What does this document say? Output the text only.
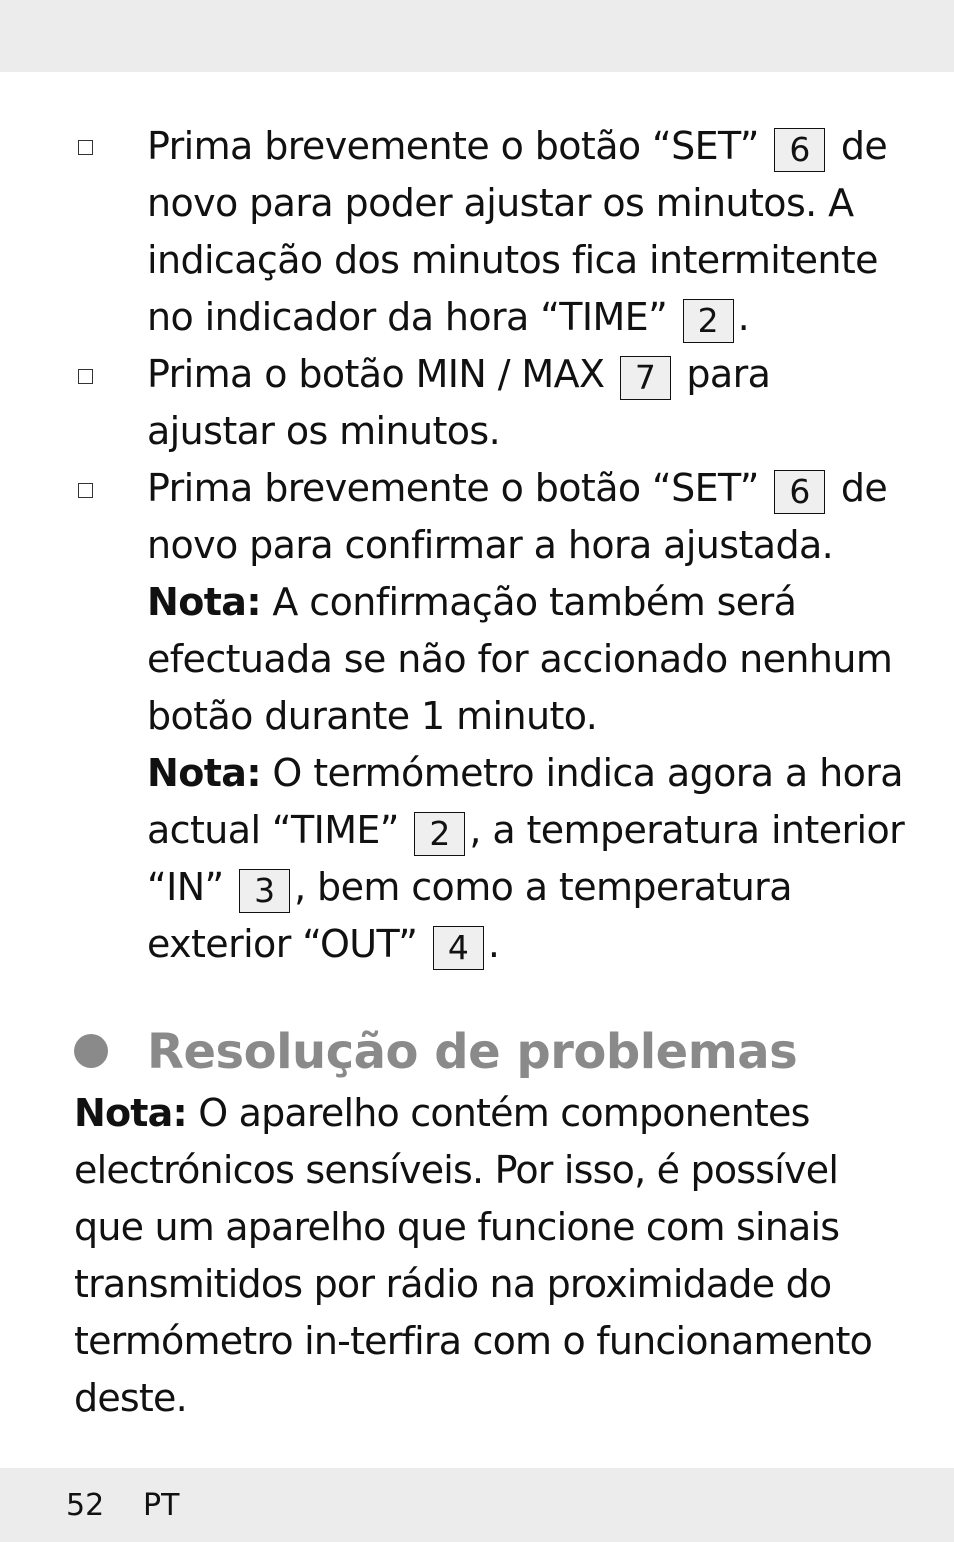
Prima brevemente o botão “SET” 6 de novo para poder ajustar os minutos. A indicação dos minutos fica intermitente no indicador da hora “TIME” 2 .
Prima o botão MIN / MAX 7 para ajustar os minutos.
Prima brevemente o botão “SET” 6 de novo para confirmar a hora ajustada.
Nota: A confirmação também será efectuada se não for accionado nenhum botão durante 1 minuto.
Nota: O termómetro indica agora a hora actual “TIME” 2 , a temperatura interior “IN” 3 , bem como a temperatura exterior “OUT” 4 .
Resolução de problemas
Nota: O aparelho contém componentes electrónicos sensíveis. Por isso, é possível que um aparelho que funcione com sinais transmitidos por rádio na proximidade do termómetro in-terfira com o funcionamento deste.
52 PT
